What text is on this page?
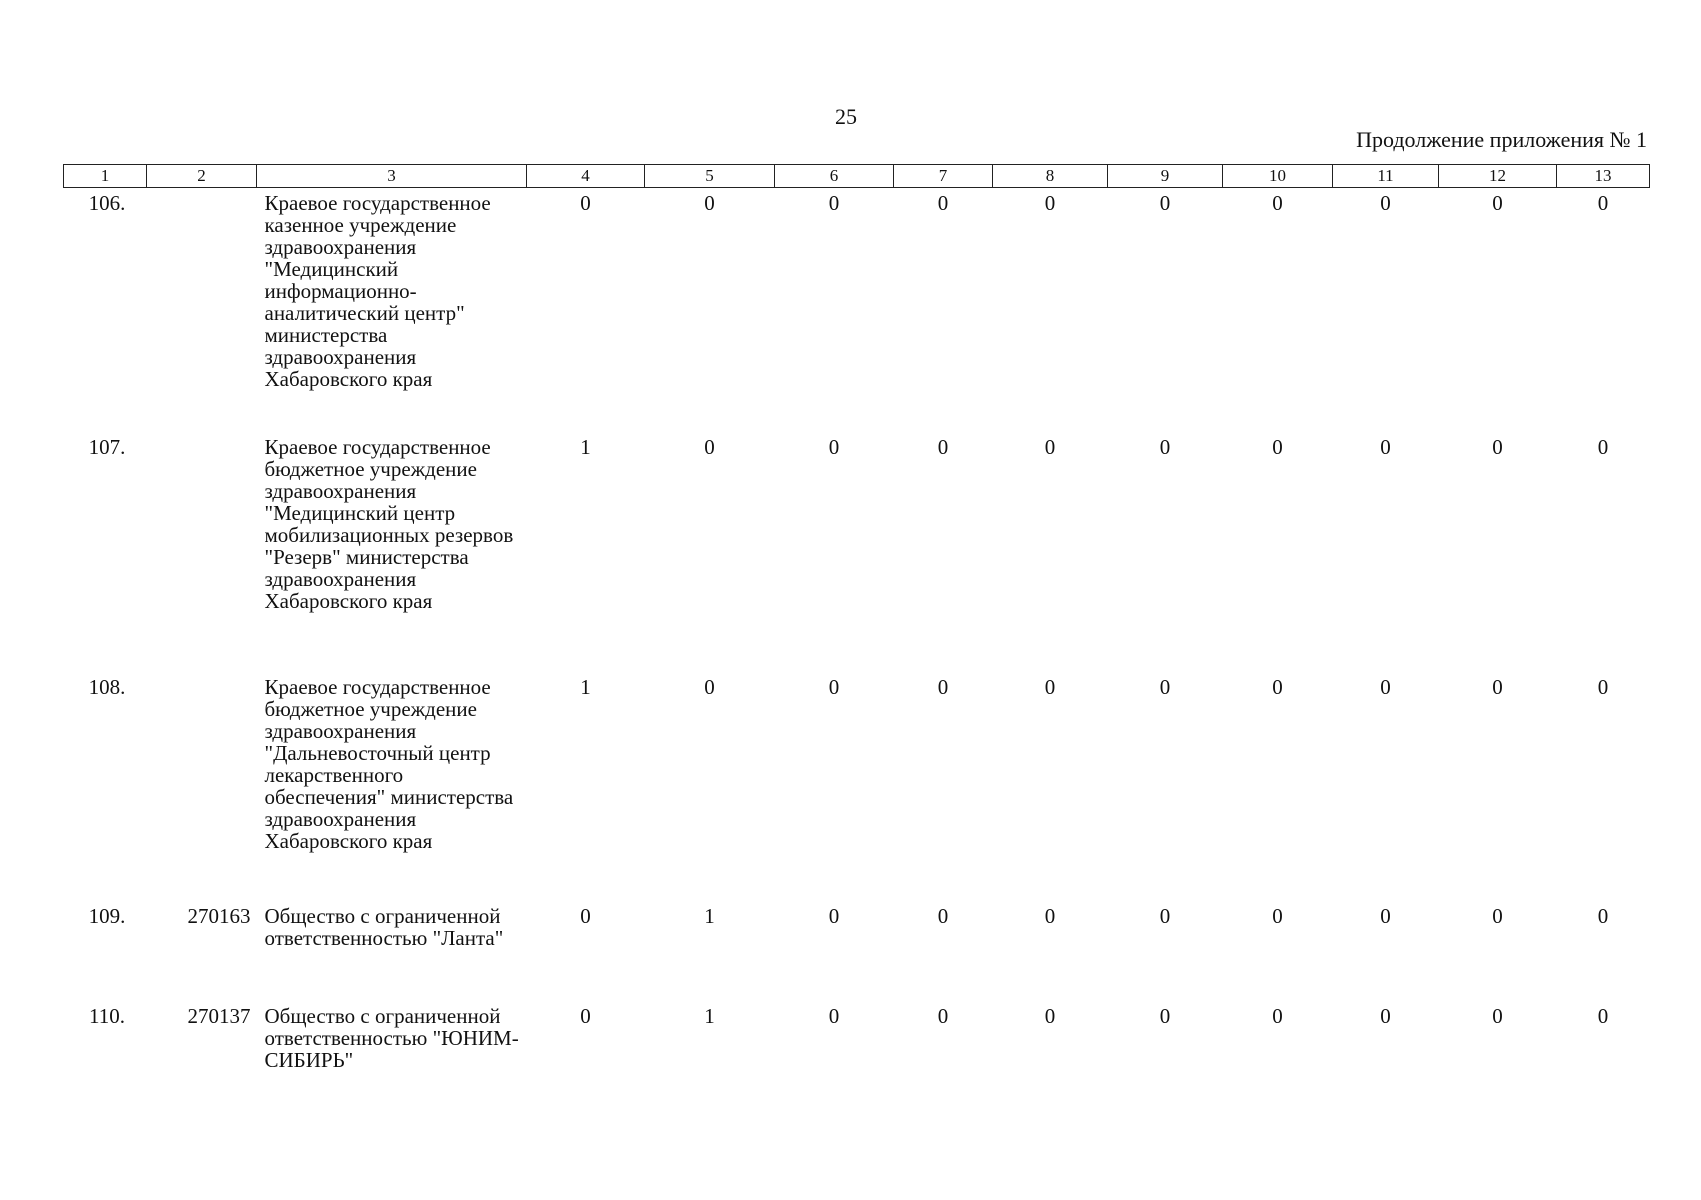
25
Продолжение приложения № 1
1	2	3	4	5	6	7	8	9	10	11	12	13
106.		Краевое государственное казенное учреждение здравоохранения "Медицинский информационно-аналитический центр" министерства здравоохранения Хабаровского края	0	0	0	0	0	0	0	0	0	0
107.		Краевое государственное бюджетное учреждение здравоохранения "Медицинский центр мобилизационных резервов "Резерв" министерства здравоохранения Хабаровского края	1	0	0	0	0	0	0	0	0	0
108.		Краевое государственное бюджетное учреждение здравоохранения "Дальневосточный центр лекарственного обеспечения" министерства здравоохранения Хабаровского края	1	0	0	0	0	0	0	0	0	0
109.	270163	Общество с ограниченной ответственностью "Ланта"	0	1	0	0	0	0	0	0	0	0
110.	270137	Общество с ограниченной ответственностью "ЮНИМ-СИБИРЬ"	0	1	0	0	0	0	0	0	0	0
